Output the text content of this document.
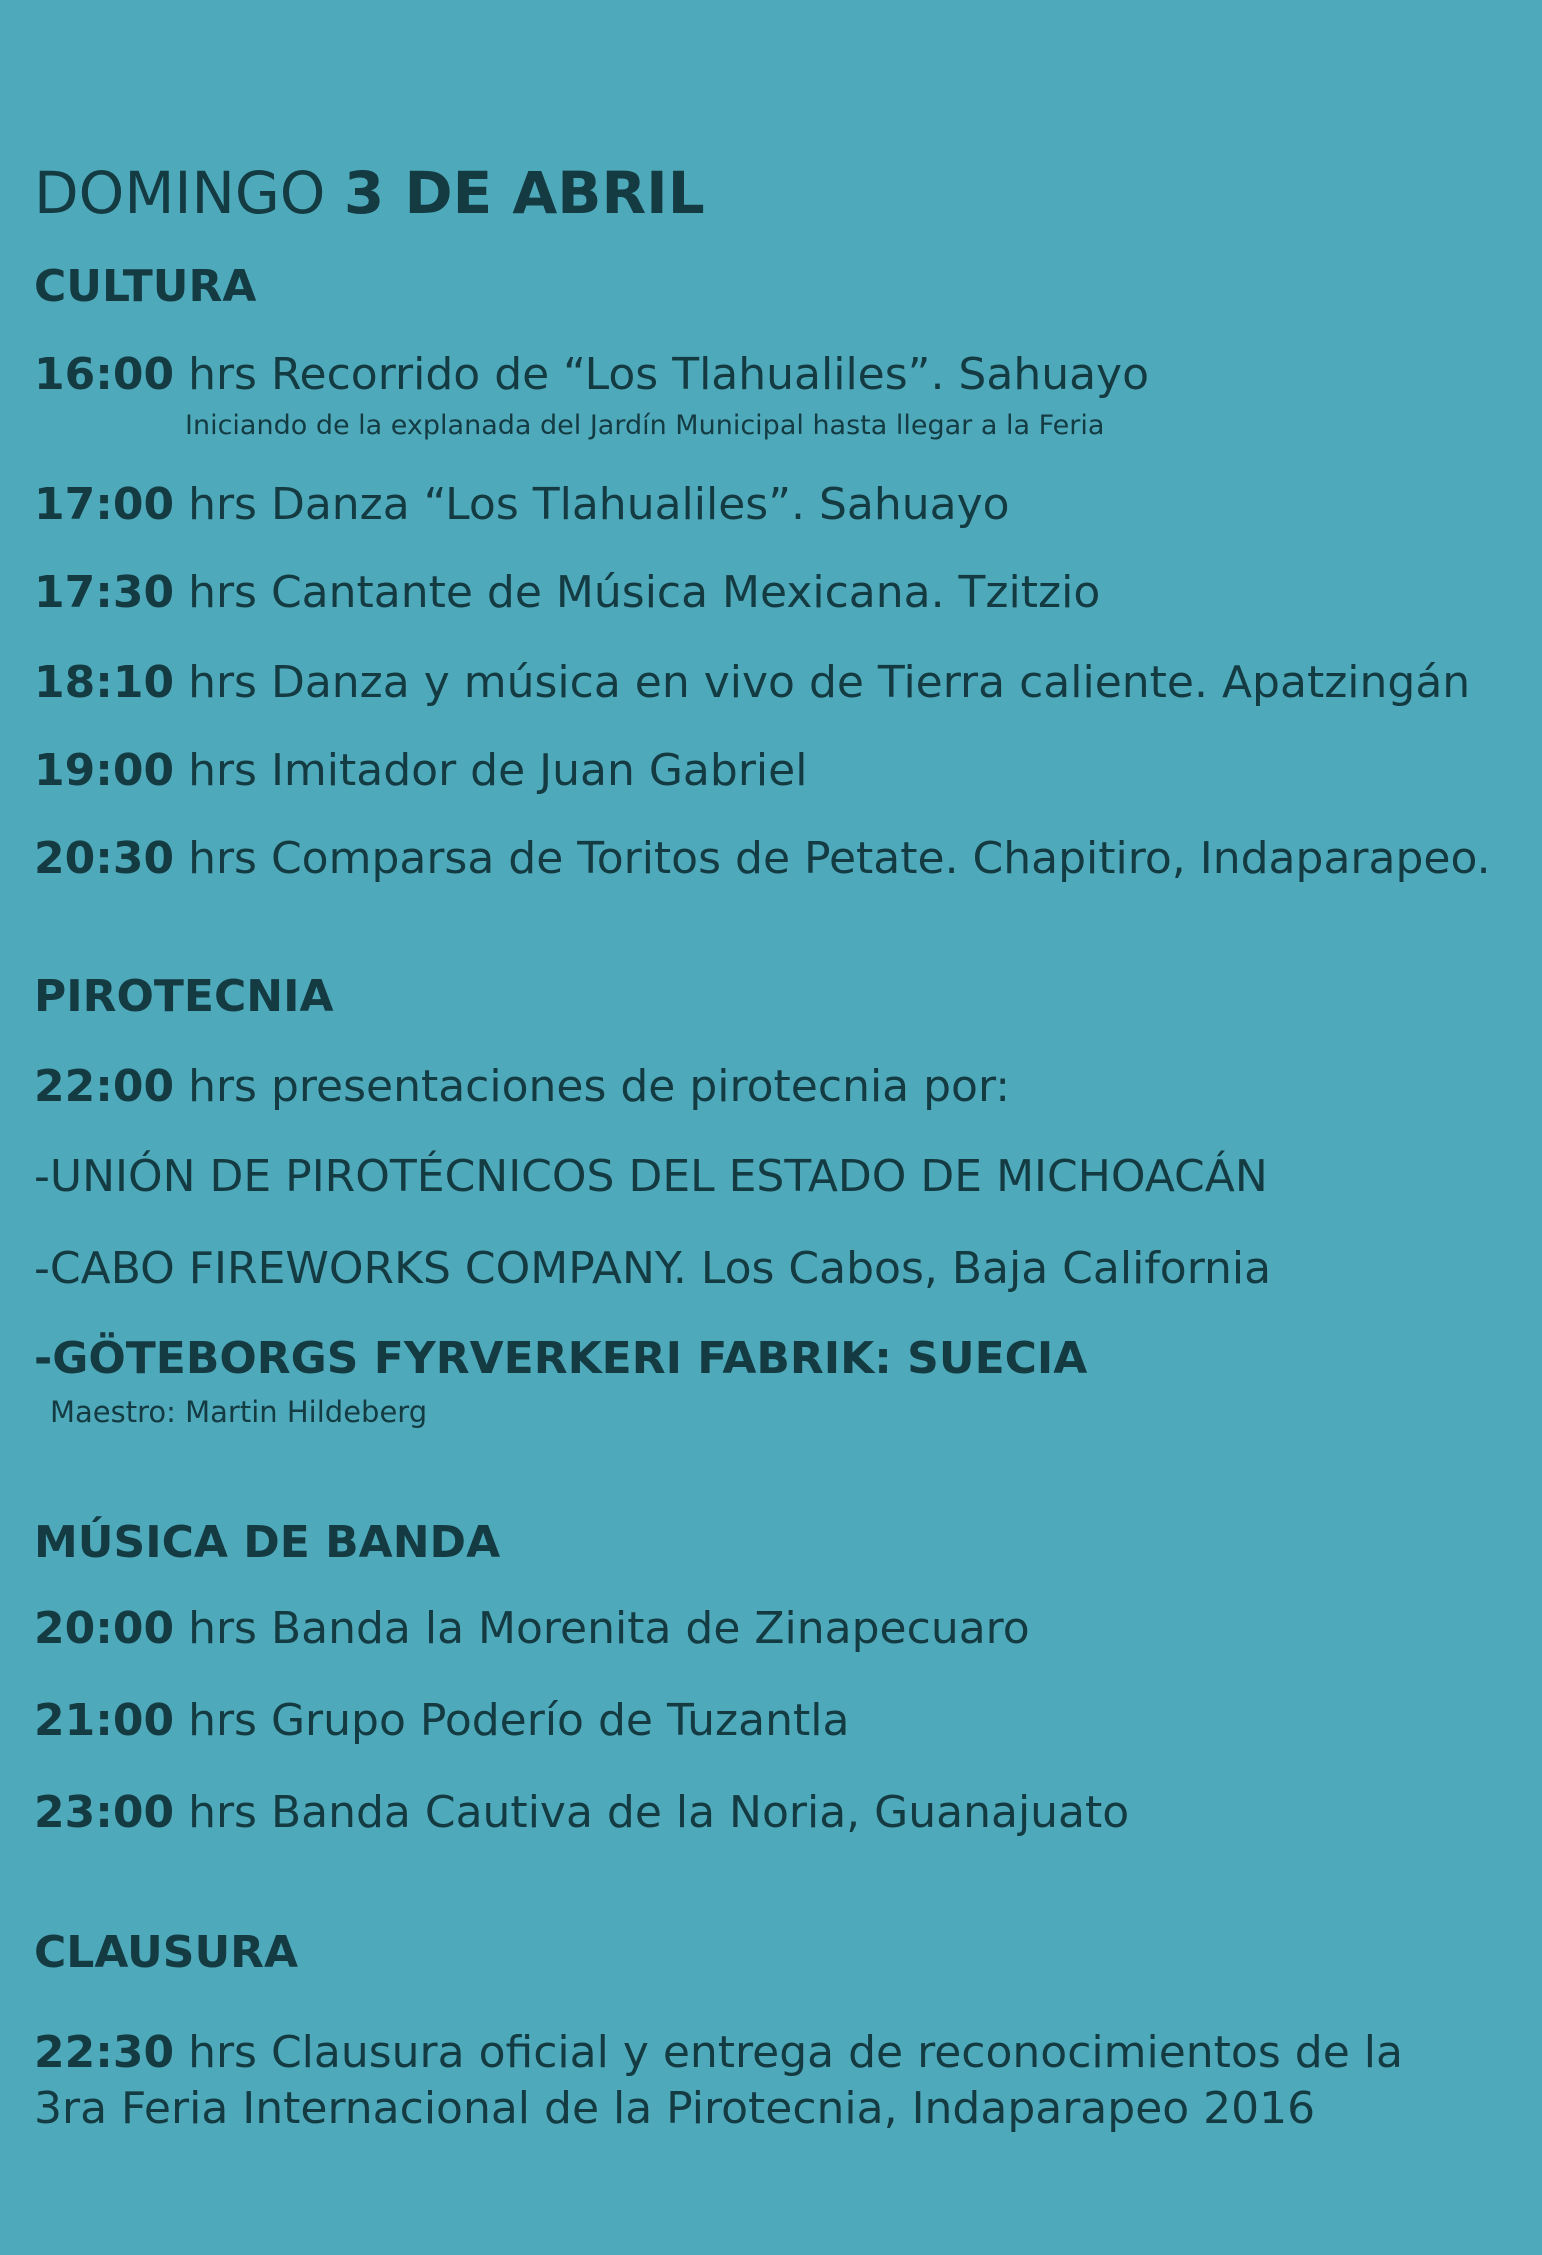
DOMINGO 3 DE ABRIL
CULTURA
16:00 hrs Recorrido de “Los Tlahualiles”. Sahuayo
Iniciando de la explanada del Jardín Municipal hasta llegar a la Feria
17:00 hrs Danza “Los Tlahualiles”. Sahuayo
17:30 hrs Cantante de Música Mexicana. Tzitzio
18:10 hrs Danza y música en vivo de Tierra caliente. Apatzingán
19:00 hrs Imitador de Juan Gabriel
20:30 hrs Comparsa de Toritos de Petate. Chapitiro, Indaparapeo.
PIROTECNIA
22:00 hrs presentaciones de pirotecnia por:
-UNIÓN DE PIROTÉCNICOS DEL ESTADO DE MICHOACÁN
-CABO FIREWORKS COMPANY. Los Cabos, Baja California
-GÖTEBORGS FYRVERKERI FABRIK: SUECIA
Maestro: Martin Hildeberg
MÚSICA DE BANDA
20:00 hrs Banda la Morenita de Zinapecuaro
21:00 hrs Grupo Poderío de Tuzantla
23:00 hrs Banda Cautiva de la Noria, Guanajuato
CLAUSURA
22:30 hrs Clausura oficial y entrega de reconocimientos de la
3ra Feria Internacional de la Pirotecnia, Indaparapeo 2016
